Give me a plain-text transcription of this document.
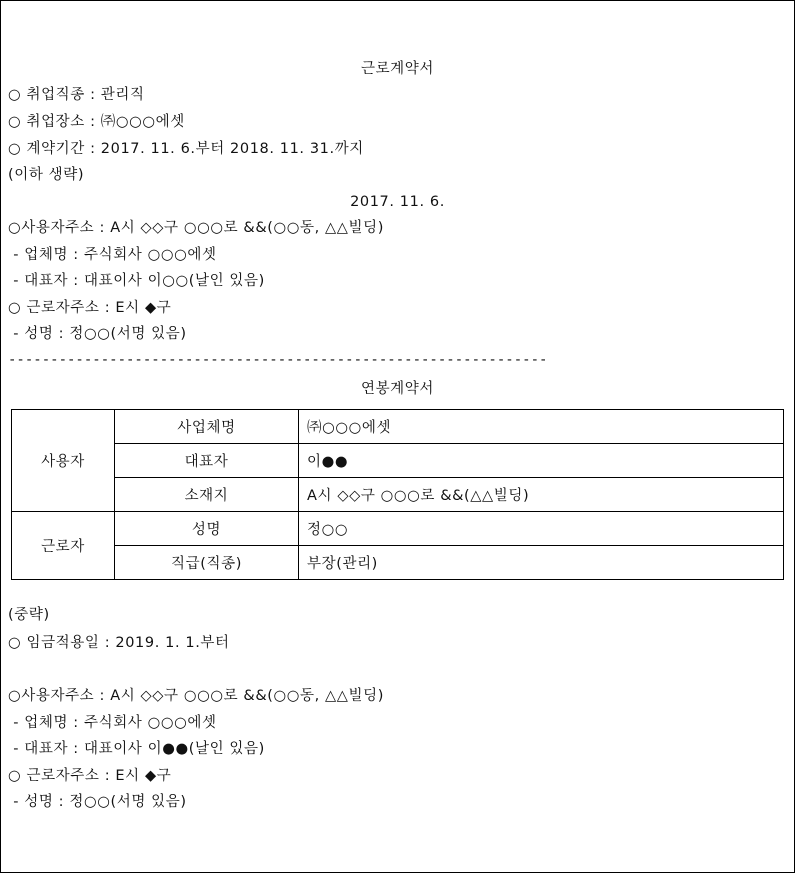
근로계약서
○ 취업직종 : 관리직
○ 취업장소 : ㈜○○○에셋
○ 계약기간 : 2017. 11. 6.부터 2018. 11. 31.까지
(이하 생략)
2017. 11. 6.
○사용자주소 : A시 ◇◇구 ○○○로 &&(○○동, △△빌딩)
- 업체명 : 주식회사 ○○○에셋
- 대표자 : 대표이사 이○○(날인 있음)
○ 근로자주소 : E시 ◆구
- 성명 : 정○○(서명 있음)
----------------------------------------------------------------
연봉계약서
사용자	사업체명	㈜○○○에셋
	대표자	이●●
	소재지	A시 ◇◇구 ○○○로 &&(△△빌딩)
근로자	성명	정○○
	직급(직종)	부장(관리)
(중략)
○ 임금적용일 : 2019. 1. 1.부터
○사용자주소 : A시 ◇◇구 ○○○로 &&(○○동, △△빌딩)
- 업체명 : 주식회사 ○○○에셋
- 대표자 : 대표이사 이●●(날인 있음)
○ 근로자주소 : E시 ◆구
- 성명 : 정○○(서명 있음)
